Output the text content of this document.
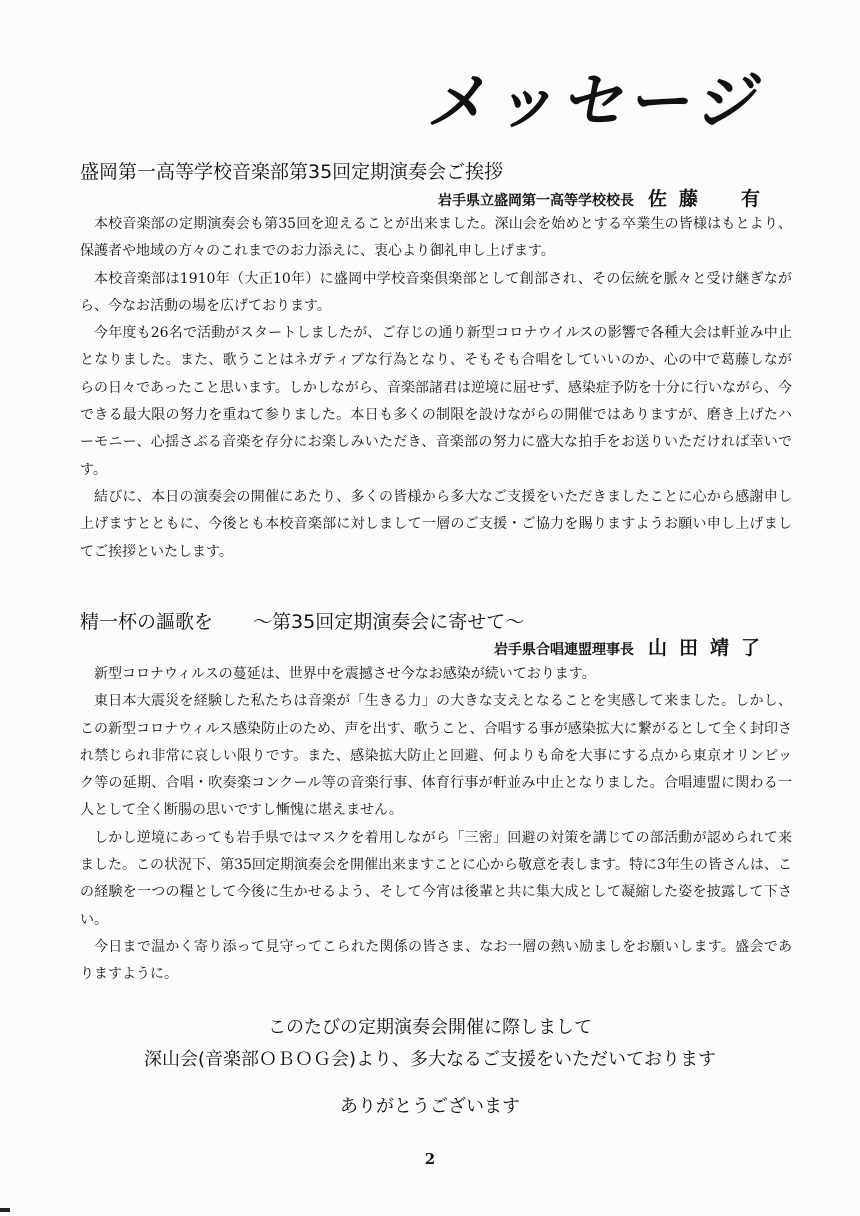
メッセージ
盛岡第一高等学校音楽部第35回定期演奏会ご挨拶
岩手県立盛岡第一高等学校校長 佐藤　有

本校音楽部の定期演奏会も第35回を迎えることが出来ました。深山会を始めとする卒業生の皆様はもとより、保護者や地域の方々のこれまでのお力添えに、衷心より御礼申し上げます。

本校音楽部は1910年（大正10年）に盛岡中学校音楽倶楽部として創部され、その伝統を脈々と受け継ぎながら、今なお活動の場を広げております。

今年度も26名で活動がスタートしましたが、ご存じの通り新型コロナウイルスの影響で各種大会は軒並み中止となりました。また、歌うことはネガティブな行為となり、そもそも合唱をしていいのか、心の中で葛藤しながらの日々であったこと思います。しかしながら、音楽部諸君は逆境に屈せず、感染症予防を十分に行いながら、今できる最大限の努力を重ねて参りました。本日も多くの制限を設けながらの開催ではありますが、磨き上げたハーモニー、心揺さぶる音楽を存分にお楽しみいただき、音楽部の努力に盛大な拍手をお送りいただければ幸いです。

結びに、本日の演奏会の開催にあたり、多くの皆様から多大なご支援をいただきましたことに心から感謝申し上げますとともに、今後とも本校音楽部に対しまして一層のご支援・ご協力を賜りますようお願い申し上げましてご挨拶といたします。

精一杯の謳歌を ～第35回定期演奏会に寄せて～
岩手県合唱連盟理事長 山田靖了

新型コロナウィルスの蔓延は、世界中を震撼させ今なお感染が続いております。

東日本大震災を経験した私たちは音楽が「生きる力」の大きな支えとなることを実感して来ました。しかし、この新型コロナウィルス感染防止のため、声を出す、歌うこと、合唱する事が感染拡大に繋がるとして全く封印され禁じられ非常に哀しい限りです。また、感染拡大防止と回避、何よりも命を大事にする点から東京オリンピック等の延期、合唱・吹奏楽コンクール等の音楽行事、体育行事が軒並み中止となりました。合唱連盟に関わる一人として全く断腸の思いですし慚愧に堪えません。

しかし逆境にあっても岩手県ではマスクを着用しながら「三密」回避の対策を講じての部活動が認められて来ました。この状況下、第35回定期演奏会を開催出来ますことに心から敬意を表します。特に3年生の皆さんは、この経験を一つの糧として今後に生かせるよう、そして今宵は後輩と共に集大成として凝縮した姿を披露して下さい。

今日まで温かく寄り添って見守ってこられた関係の皆さま、なお一層の熱い励ましをお願いします。盛会でありますように。

このたびの定期演奏会開催に際しまして
深山会(音楽部ＯＢＯＧ会)より、多大なるご支援をいただいております
ありがとうございます
2
